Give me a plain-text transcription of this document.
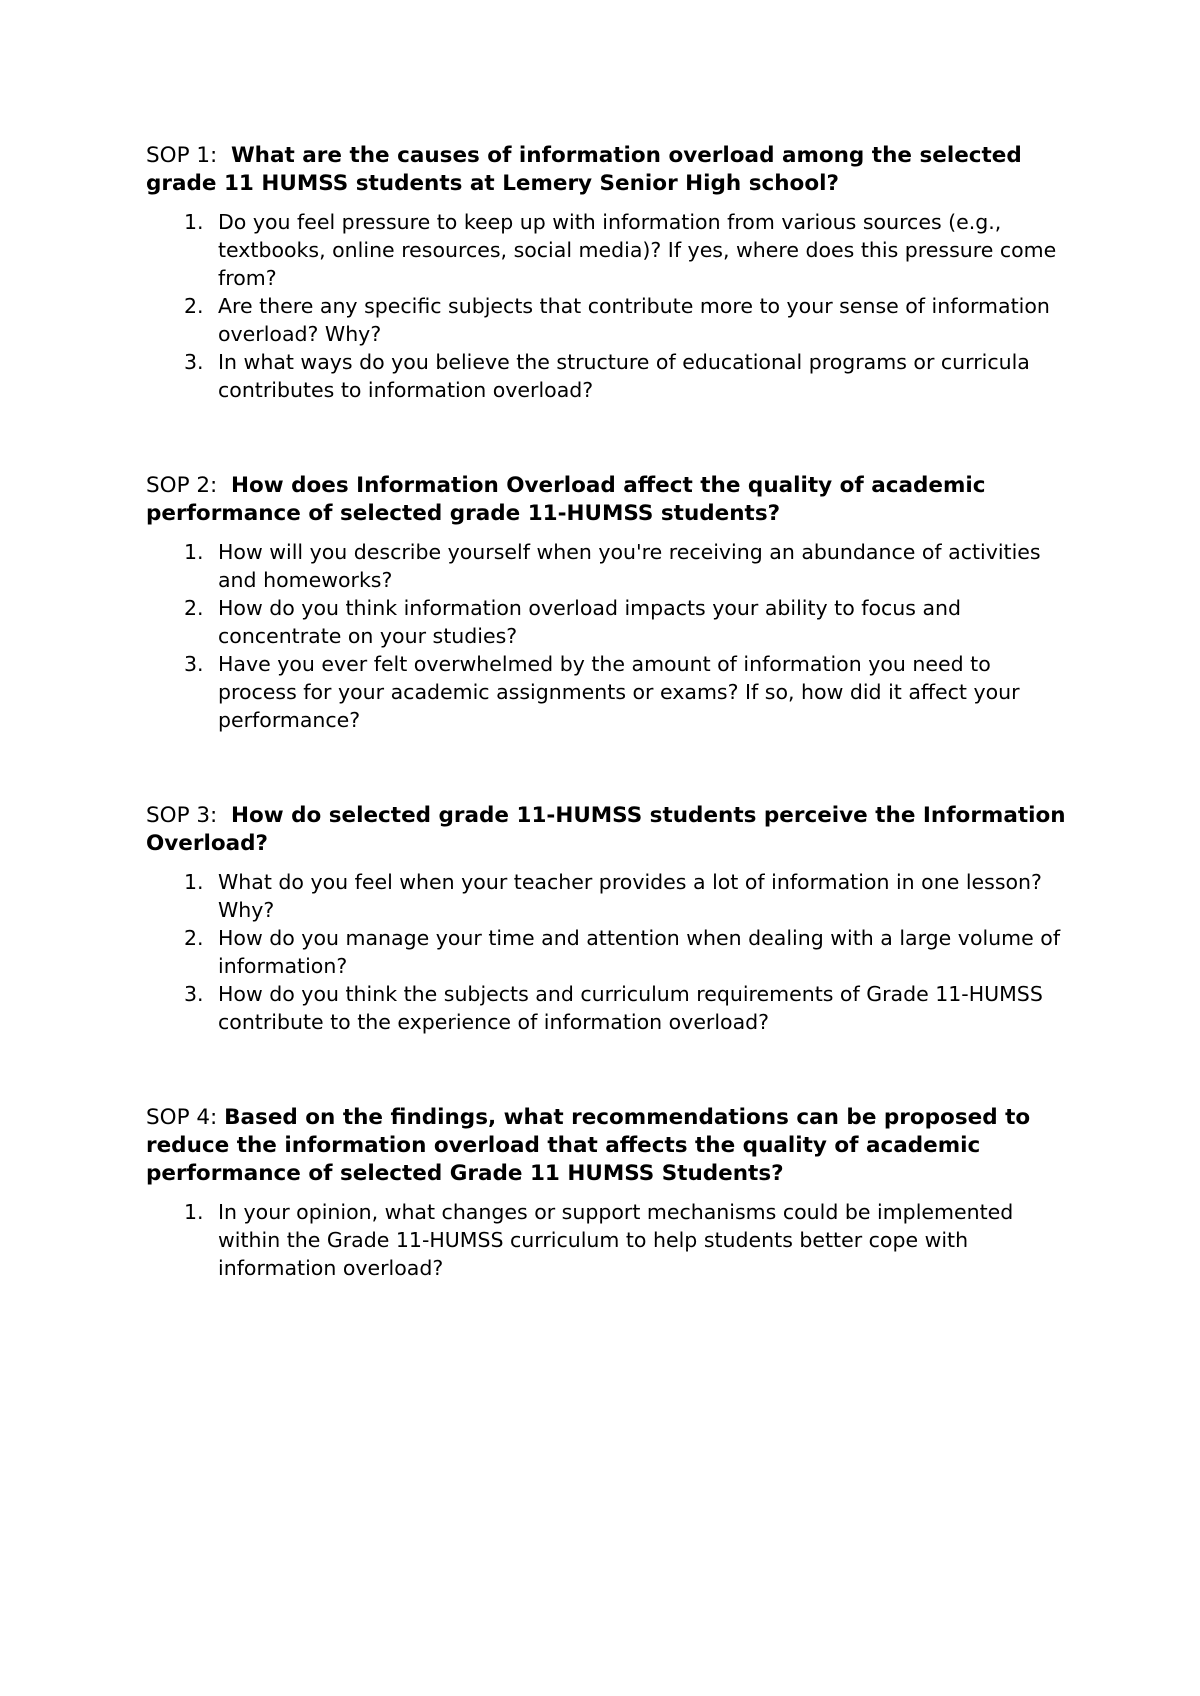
SOP 1: What are the causes of information overload among the selected grade 11 HUMSS students at Lemery Senior High school?

1. Do you feel pressure to keep up with information from various sources (e.g., textbooks, online resources, social media)? If yes, where does this pressure come from?
2. Are there any specific subjects that contribute more to your sense of information overload? Why?
3. In what ways do you believe the structure of educational programs or curricula contributes to information overload?

SOP 2: How does Information Overload affect the quality of academic performance of selected grade 11-HUMSS students?

1. How will you describe yourself when you're receiving an abundance of activities and homeworks?
2. How do you think information overload impacts your ability to focus and concentrate on your studies?
3. Have you ever felt overwhelmed by the amount of information you need to process for your academic assignments or exams? If so, how did it affect your performance?

SOP 3: How do selected grade 11-HUMSS students perceive the Information Overload?

1. What do you feel when your teacher provides a lot of information in one lesson? Why?
2. How do you manage your time and attention when dealing with a large volume of information?
3. How do you think the subjects and curriculum requirements of Grade 11-HUMSS contribute to the experience of information overload?

SOP 4: Based on the findings, what recommendations can be proposed to reduce the information overload that affects the quality of academic performance of selected Grade 11 HUMSS Students?

1. In your opinion, what changes or support mechanisms could be implemented within the Grade 11-HUMSS curriculum to help students better cope with information overload?
